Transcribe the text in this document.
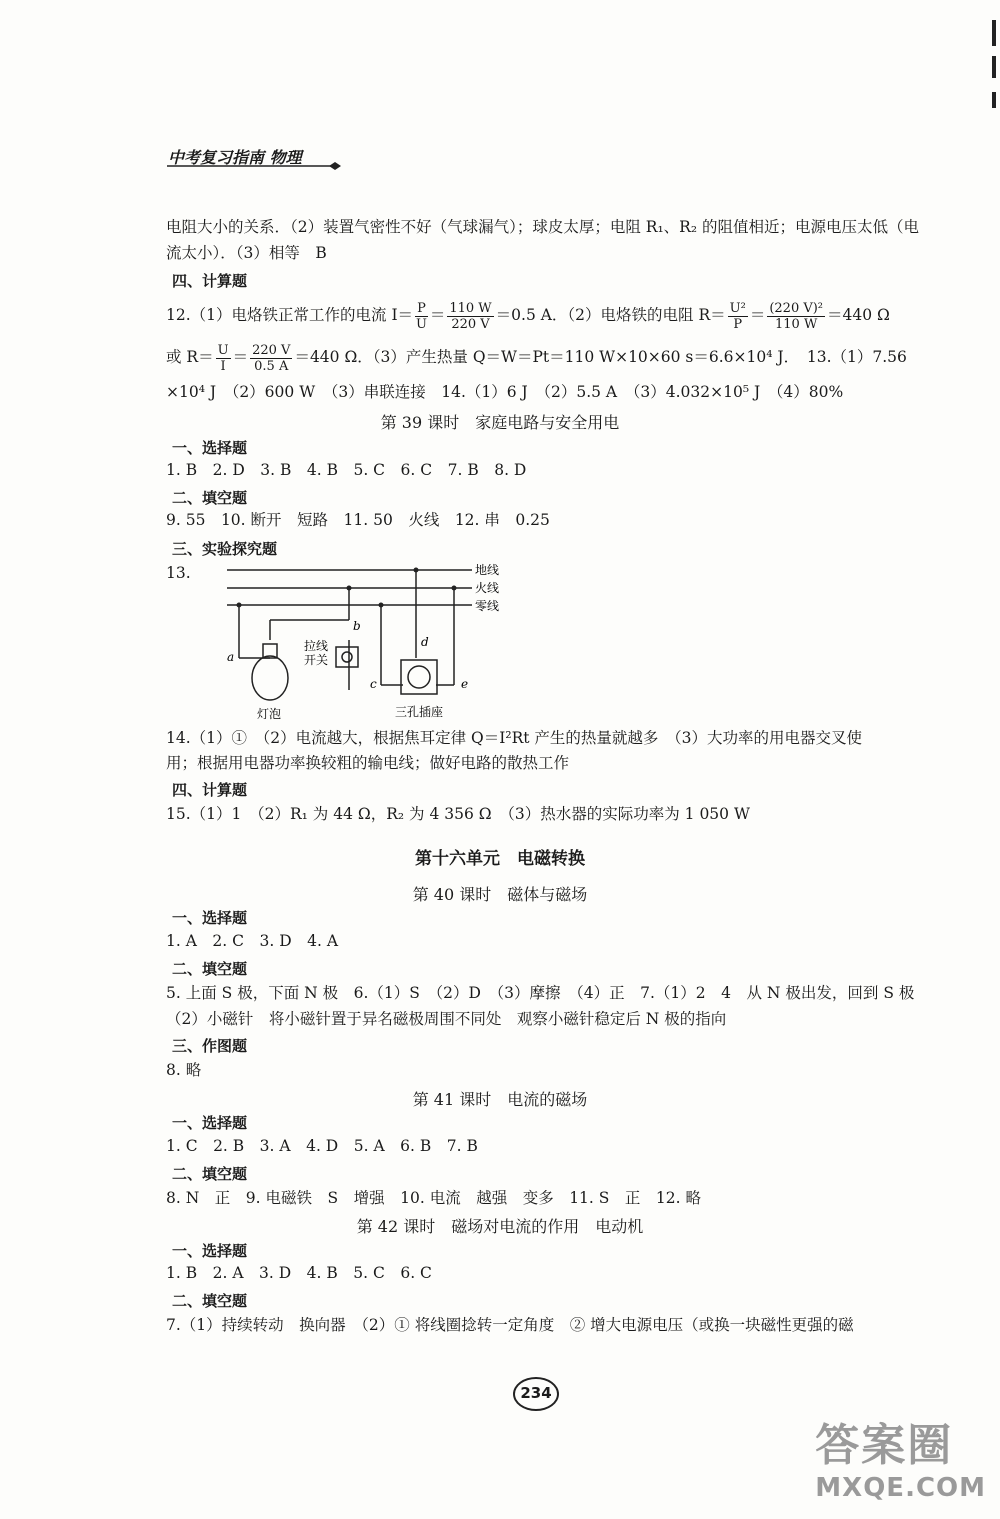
中考复习指南 物理
电阻大小的关系．（2）装置气密性不好（气球漏气）；球皮太厚；电阻 R₁、R₂ 的阻值相近；电源电压太低（电
流太小）．（3）相等　B
四、计算题
12.（1）电烙铁正常工作的电流 $I= \frac{P}{U} = \frac{110 W}{220 V} =0.5$ A．（2）电烙铁的电阻 $R= \frac{\text{U²}}{P} = \frac{\text{(220 V)²}}{110 W} =440$ Ω
或 $R= \frac{U}{I} = \frac{220 V}{0.5 A} =440$ Ω．（3）产生热量 Q＝W＝Pt＝110 W×10×60 s＝6.6×10⁴ J．　13.（1）7.56
×10⁴ J　（2）600 W　（3）串联连接　14.（1）6 J　（2）5.5 A　（3）4.032×10⁵ J　（4）80%
第 39 课时　家庭电路与安全用电
一、选择题
1. B　2. D　3. B　4. B　5. C　6. C　7. B　8. D
二、填空题
9. 55　10. 断开　短路　11. 50　火线　12. 串　0.25
三、实验探究题
13.	地线
火线
零线
a
b
c
d
e
拉线
开关
灯泡	三孔插座
14.（1）①　（2）电流越大，根据焦耳定律 Q＝I²Rt 产生的热量就越多　（3）大功率的用电器交叉使
用；根据用电器功率换较粗的输电线；做好电路的散热工作
四、计算题
15.（1）1　（2）R₁ 为 44 Ω，R₂ 为 4 356 Ω　（3）热水器的实际功率为 1 050 W
第十六单元　电磁转换
第 40 课时　磁体与磁场
一、选择题
1. A　2. C　3. D　4. A
二、填空题
5. 上面 S 极，下面 N 极　6.（1）S　（2）D　（3）摩擦　（4）正　7.（1）2　4　从 N 极出发，回到 S 极
（2）小磁针　将小磁针置于异名磁极周围不同处　观察小磁针稳定后 N 极的指向
三、作图题
8. 略
第 41 课时　电流的磁场
一、选择题
1. C　2. B　3. A　4. D　5. A　6. B　7. B
二、填空题
8. N　正　9. 电磁铁　S　增强　10. 电流　越强　变多　11. S　正　12. 略
第 42 课时　磁场对电流的作用　电动机
一、选择题
1. B　2. A　3. D　4. B　5. C　6. C
二、填空题
7.（1）持续转动　换向器　（2）① 将线圈捻转一定角度　② 增大电源电压（或换一块磁性更强的磁
234
答案圈
MXQE.COM
